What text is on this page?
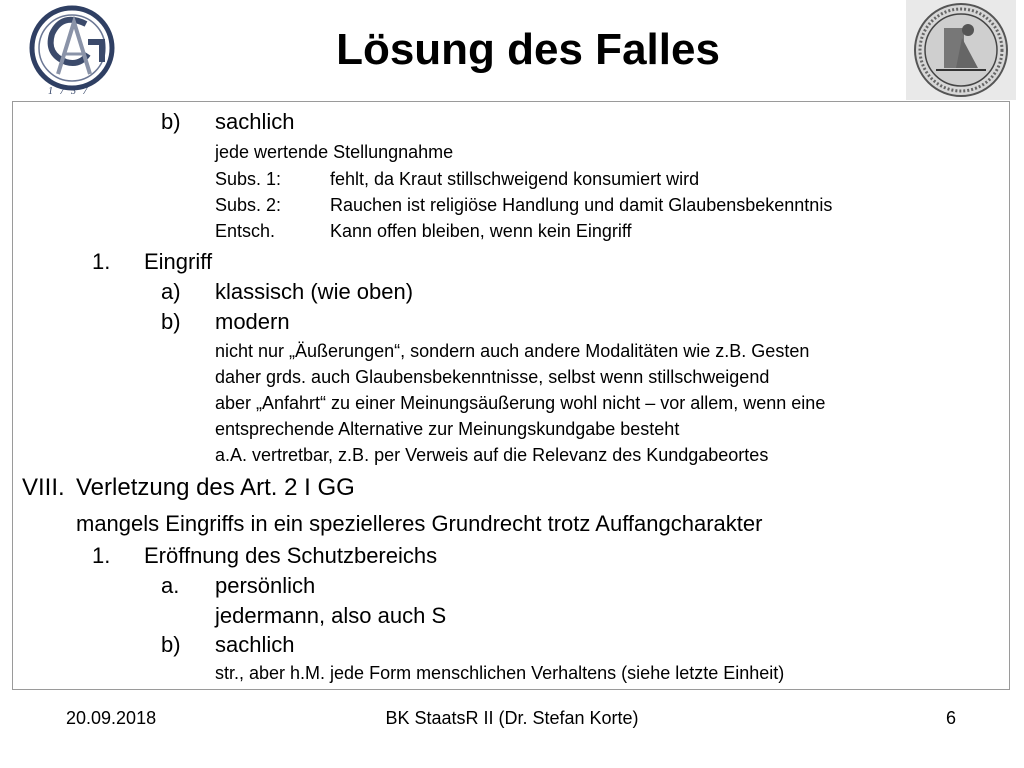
1 7 3 7
Lösung des Falles
b) sachlich
jede wertende Stellungnahme
Subs. 1:	fehlt, da Kraut stillschweigend konsumiert wird
Subs. 2:	Rauchen ist religiöse Handlung und damit Glaubensbekenntnis
Entsch.	Kann offen bleiben, wenn kein Eingriff
1. Eingriff
a) klassisch (wie oben)
b) modern
nicht nur „Äußerungen“, sondern auch andere Modalitäten wie z.B. Gesten
daher grds. auch Glaubensbekenntnisse, selbst wenn stillschweigend
aber „Anfahrt“ zu einer Meinungsäußerung wohl nicht – vor allem, wenn eine
entsprechende Alternative zur Meinungskundgabe besteht
a.A. vertretbar, z.B. per Verweis auf die Relevanz des Kundgabeortes
VIII. Verletzung des Art. 2 I GG
mangels Eingriffs in ein spezielleres Grundrecht trotz Auffangcharakter
1. Eröffnung des Schutzbereichs
a. persönlich
jedermann, also auch S
b) sachlich
str., aber h.M. jede Form menschlichen Verhaltens (siehe letzte Einheit)
20.09.2018	BK StaatsR II (Dr. Stefan Korte)	6
